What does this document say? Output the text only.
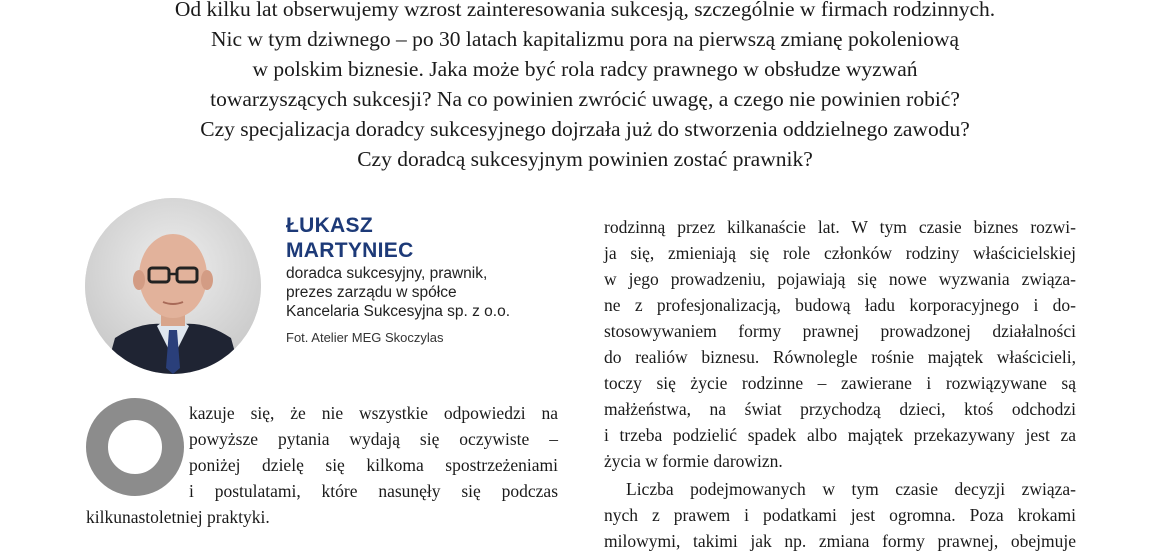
Od kilku lat obserwujemy wzrost zainteresowania sukcesją, szczególnie w firmach rodzinnych.
Nic w tym dziwnego – po 30 latach kapitalizmu pora na pierwszą zmianę pokoleniową
w polskim biznesie. Jaka może być rola radcy prawnego w obsłudze wyzwań
towarzyszących sukcesji? Na co powinien zwrócić uwagę, a czego nie powinien robić?
Czy specjalizacja doradcy sukcesyjnego dojrzała już do stworzenia oddzielnego zawodu?
Czy doradcą sukcesyjnym powinien zostać prawnik?
ŁUKASZ
MARTYNIEC
doradca sukcesyjny, prawnik,
prezes zarządu w spółce
Kancelaria Sukcesyjna sp. z o.o.
Fot. Atelier MEG Skoczylas
kazuje się, że nie wszystkie odpowiedzi na
powyższe pytania wydają się oczywiste –
poniżej dzielę się kilkoma spostrzeżeniami
i postulatami, które nasunęły się podczas
kilkunastoletniej praktyki.
rodzinną przez kilkanaście lat. W tym czasie biznes rozwi-
ja się, zmieniają się role członków rodziny właścicielskiej
w jego prowadzeniu, pojawiają się nowe wyzwania związa-
ne z profesjonalizacją, budową ładu korporacyjnego i do-
stosowywaniem formy prawnej prowadzonej działalności
do realiów biznesu. Równolegle rośnie majątek właścicieli,
toczy się życie rodzinne – zawierane i rozwiązywane są
małżeństwa, na świat przychodzą dzieci, ktoś odchodzi
i trzeba podzielić spadek albo majątek przekazywany jest za
życia w formie darowizn.
Liczba podejmowanych w tym czasie decyzji związa-
nych z prawem i podatkami jest ogromna. Poza krokami
milowymi, takimi jak np. zmiana formy prawnej, obejmuje
